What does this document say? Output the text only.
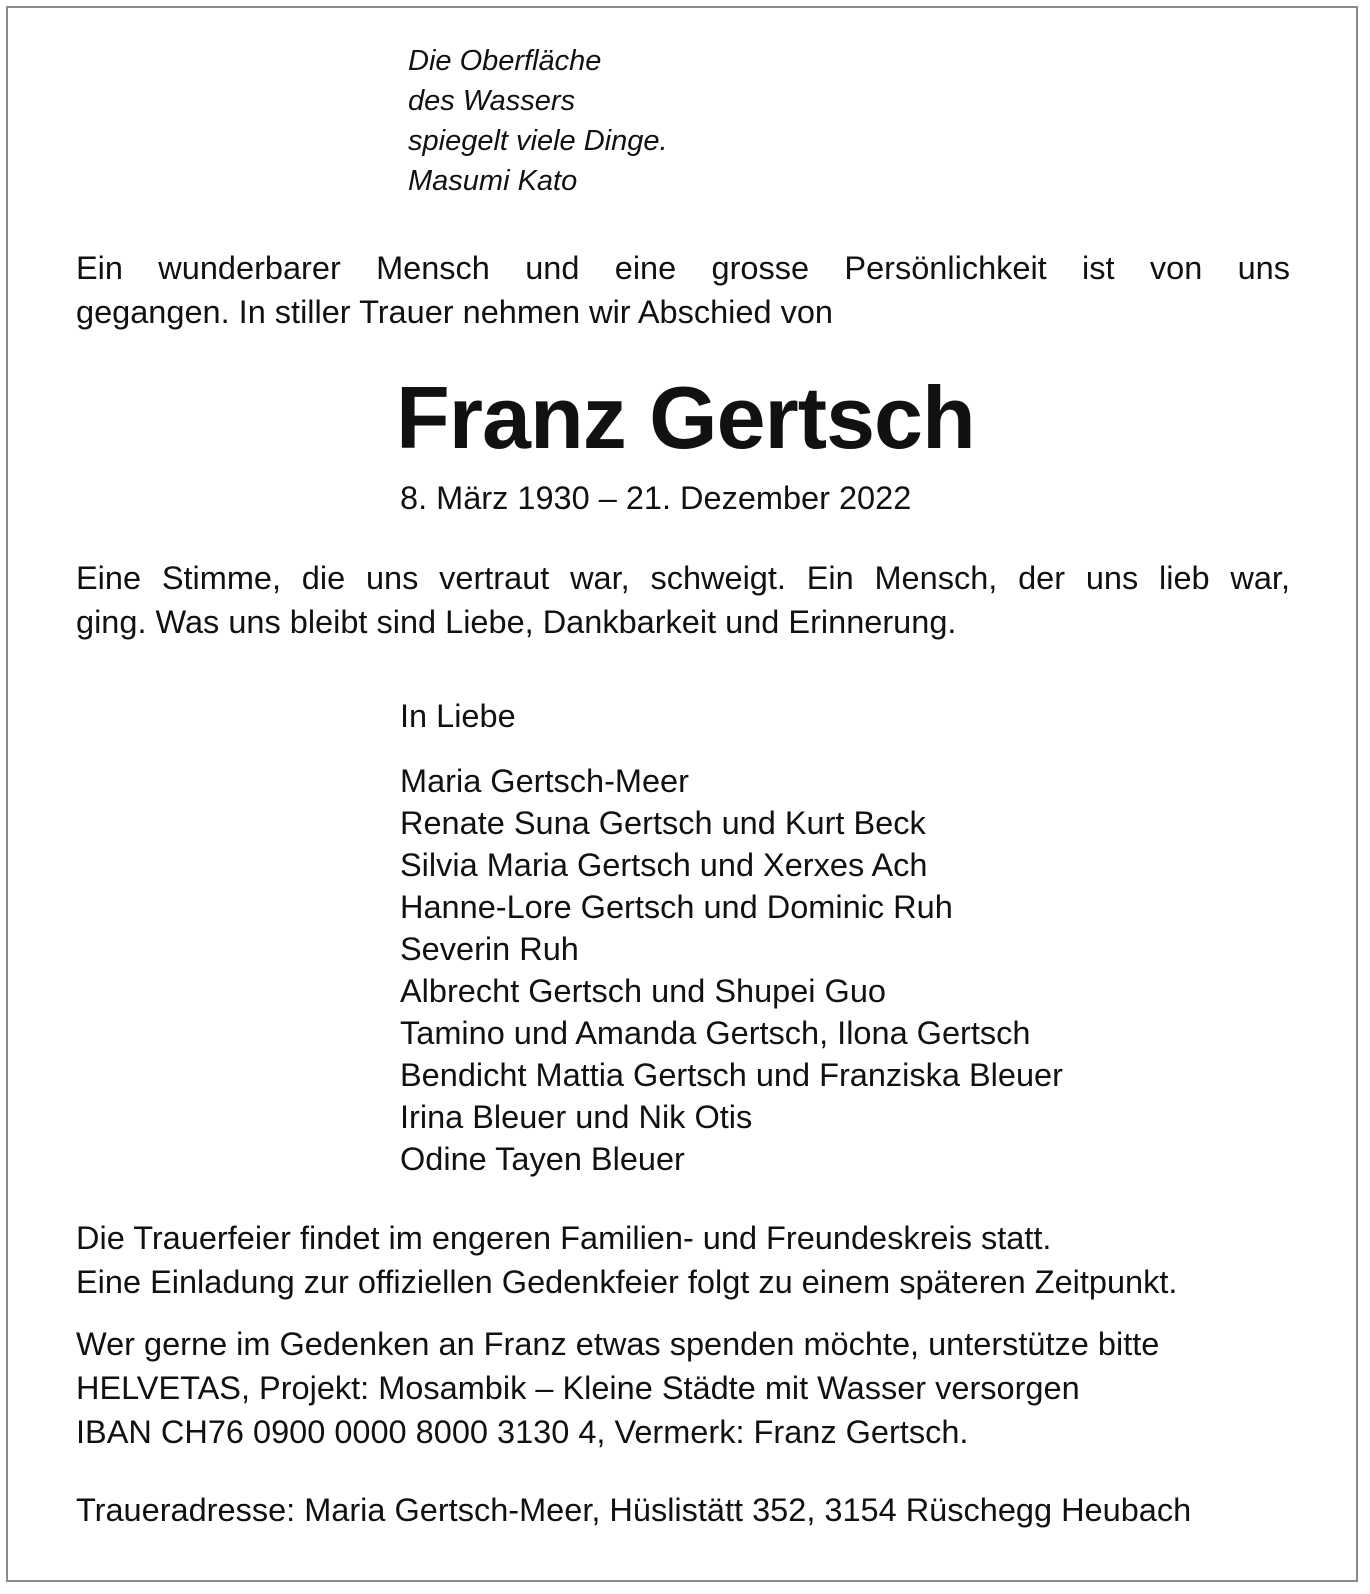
Die Oberfläche
des Wassers
spiegelt viele Dinge.
Masumi Kato
Ein wunderbarer Mensch und eine grosse Persönlichkeit ist von uns
gegangen. In stiller Trauer nehmen wir Abschied von
Franz Gertsch
8. März 1930 – 21. Dezember 2022
Eine Stimme, die uns vertraut war, schweigt. Ein Mensch, der uns lieb war,
ging. Was uns bleibt sind Liebe, Dankbarkeit und Erinnerung.
In Liebe
Maria Gertsch-Meer
Renate Suna Gertsch und Kurt Beck
Silvia Maria Gertsch und Xerxes Ach
Hanne-Lore Gertsch und Dominic Ruh
Severin Ruh
Albrecht Gertsch und Shupei Guo
Tamino und Amanda Gertsch, Ilona Gertsch
Bendicht Mattia Gertsch und Franziska Bleuer
Irina Bleuer und Nik Otis
Odine Tayen Bleuer
Die Trauerfeier findet im engeren Familien- und Freundeskreis statt.
Eine Einladung zur offiziellen Gedenkfeier folgt zu einem späteren Zeitpunkt.
Wer gerne im Gedenken an Franz etwas spenden möchte, unterstütze bitte
HELVETAS, Projekt: Mosambik – Kleine Städte mit Wasser versorgen
IBAN CH76 0900 0000 8000 3130 4, Vermerk: Franz Gertsch.
Traueradresse: Maria Gertsch-Meer, Hüslistätt 352, 3154 Rüschegg Heubach
